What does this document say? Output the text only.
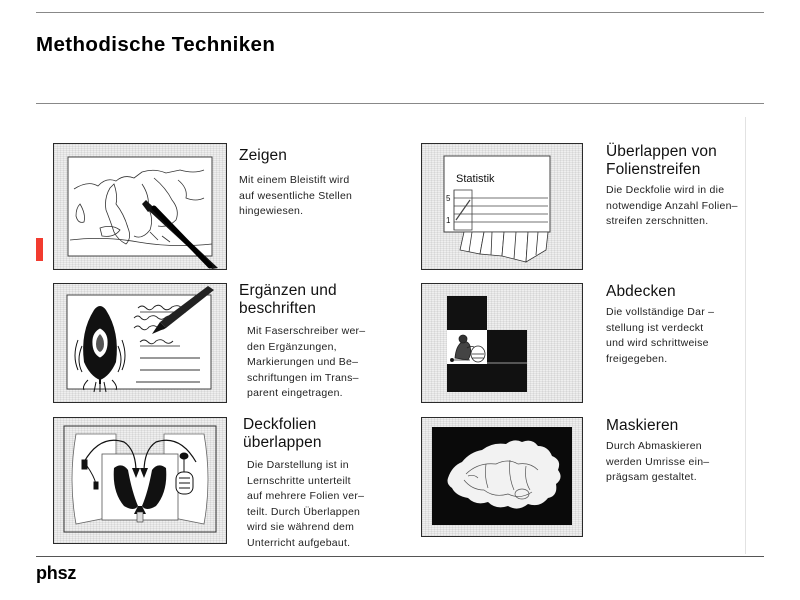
Methodische Techniken
Statistik
5
1
Zeigen
Mit einem Bleistift wird
auf wesentliche Stellen
hingewiesen.
Ergänzen und
beschriften
Mit Faserschreiber wer–
den Ergänzungen,
Markierungen und Be–
schriftungen im Trans–
parent eingetragen.
Deckfolien
überlappen
Die Darstellung ist in
Lernschritte unterteilt
auf mehrere Folien ver–
teilt. Durch Überlappen
wird sie während dem
Unterricht aufgebaut.
Überlappen von
Folienstreifen
Die Deckfolie wird in die
notwendige Anzahl Folien–
streifen zerschnitten.
Abdecken
Die vollständige Dar –
stellung ist verdeckt
und wird schrittweise
freigegeben.
Maskieren
Durch Abmaskieren
werden Umrisse ein–
prägsam gestaltet.
phsz
